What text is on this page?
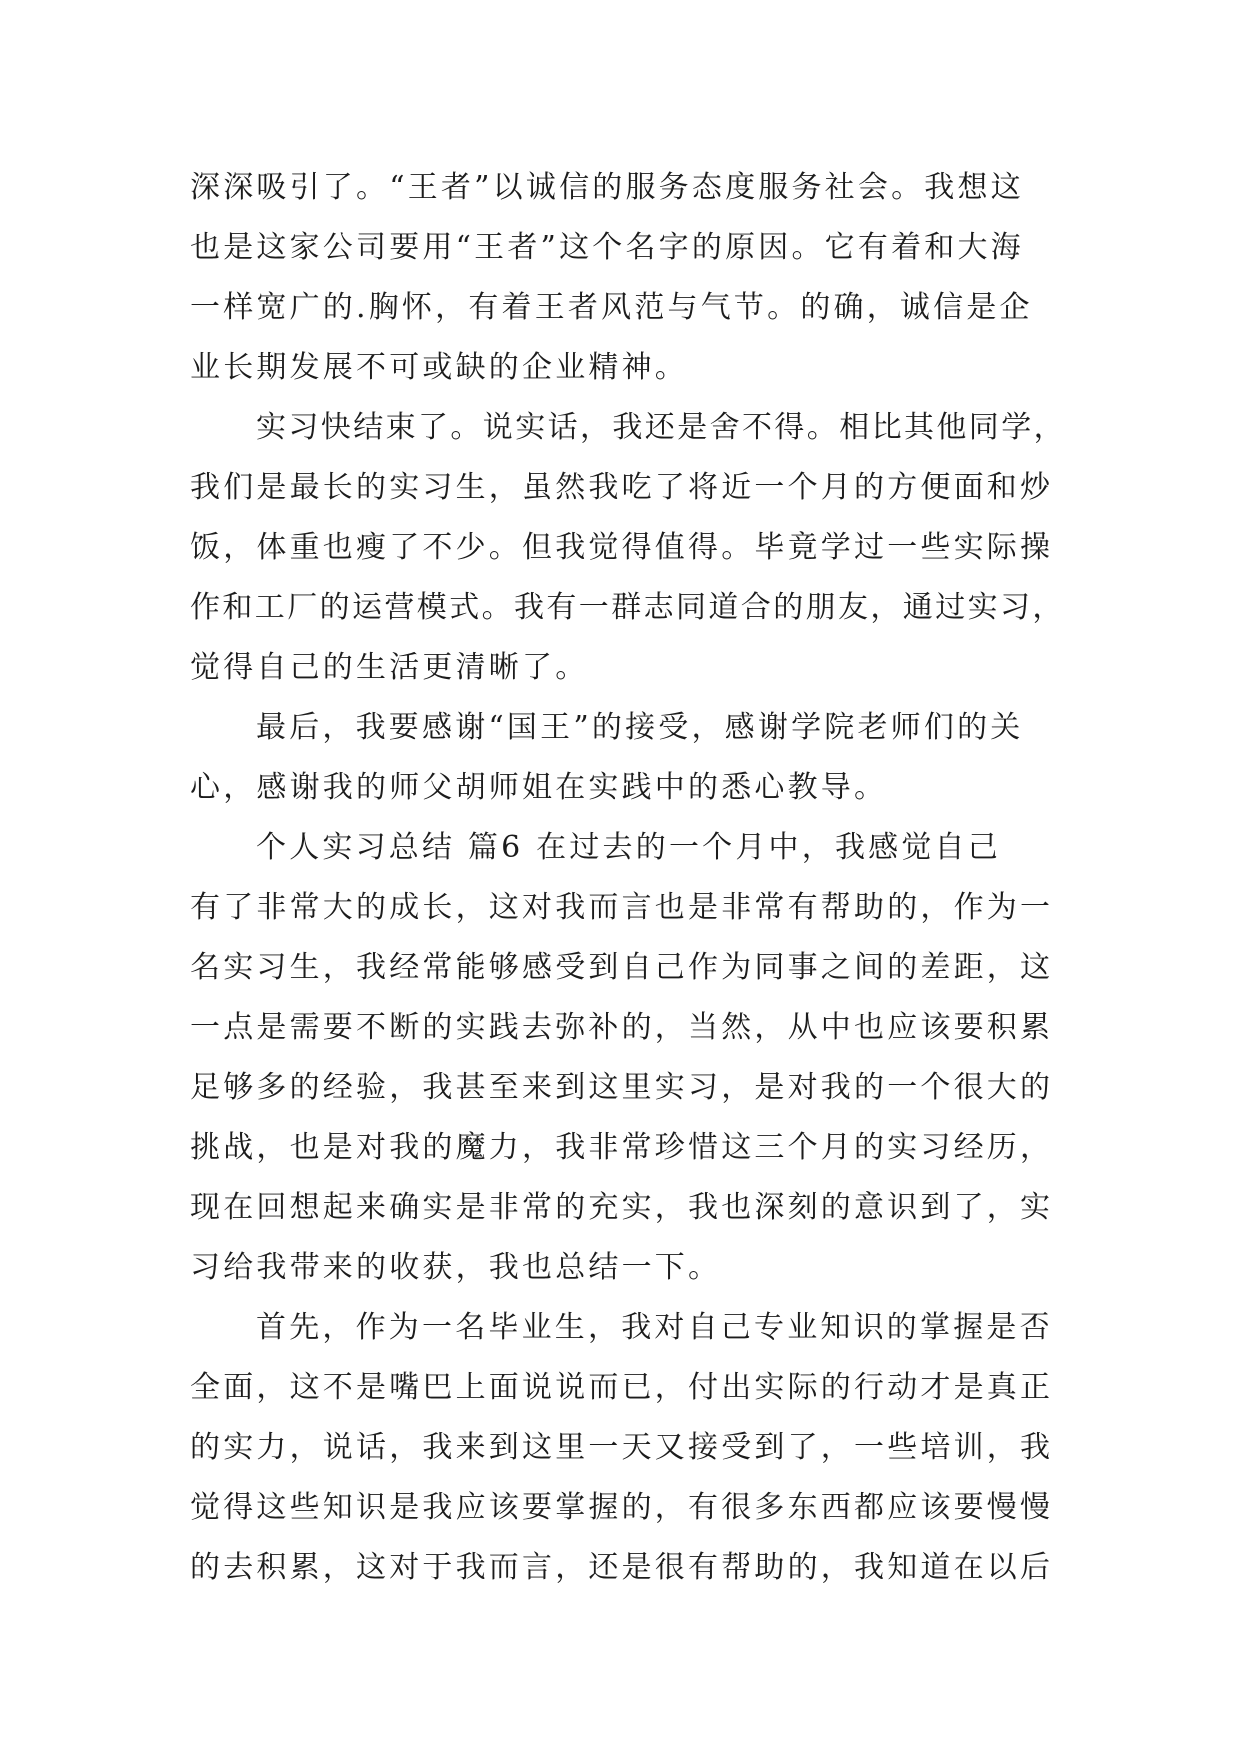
深深吸引了。“王者”以诚信的服务态度服务社会。我想这
也是这家公司要用“王者”这个名字的原因。它有着和大海
一样宽广的.胸怀，有着王者风范与气节。的确，诚信是企
业长期发展不可或缺的企业精神。
实习快结束了。说实话，我还是舍不得。相比其他同学，
我们是最长的实习生，虽然我吃了将近一个月的方便面和炒
饭，体重也瘦了不少。但我觉得值得。毕竟学过一些实际操
作和工厂的运营模式。我有一群志同道合的朋友，通过实习，
觉得自己的生活更清晰了。
最后，我要感谢“国王”的接受，感谢学院老师们的关
心，感谢我的师父胡师姐在实践中的悉心教导。
个人实习总结 篇6 在过去的一个月中，我感觉自己
有了非常大的成长，这对我而言也是非常有帮助的，作为一
名实习生，我经常能够感受到自己作为同事之间的差距，这
一点是需要不断的实践去弥补的，当然，从中也应该要积累
足够多的经验，我甚至来到这里实习，是对我的一个很大的
挑战，也是对我的魔力，我非常珍惜这三个月的实习经历，
现在回想起来确实是非常的充实，我也深刻的意识到了，实
习给我带来的收获，我也总结一下。
首先，作为一名毕业生，我对自己专业知识的掌握是否
全面，这不是嘴巴上面说说而已，付出实际的行动才是真正
的实力，说话，我来到这里一天又接受到了，一些培训，我
觉得这些知识是我应该要掌握的，有很多东西都应该要慢慢
的去积累，这对于我而言，还是很有帮助的，我知道在以后
